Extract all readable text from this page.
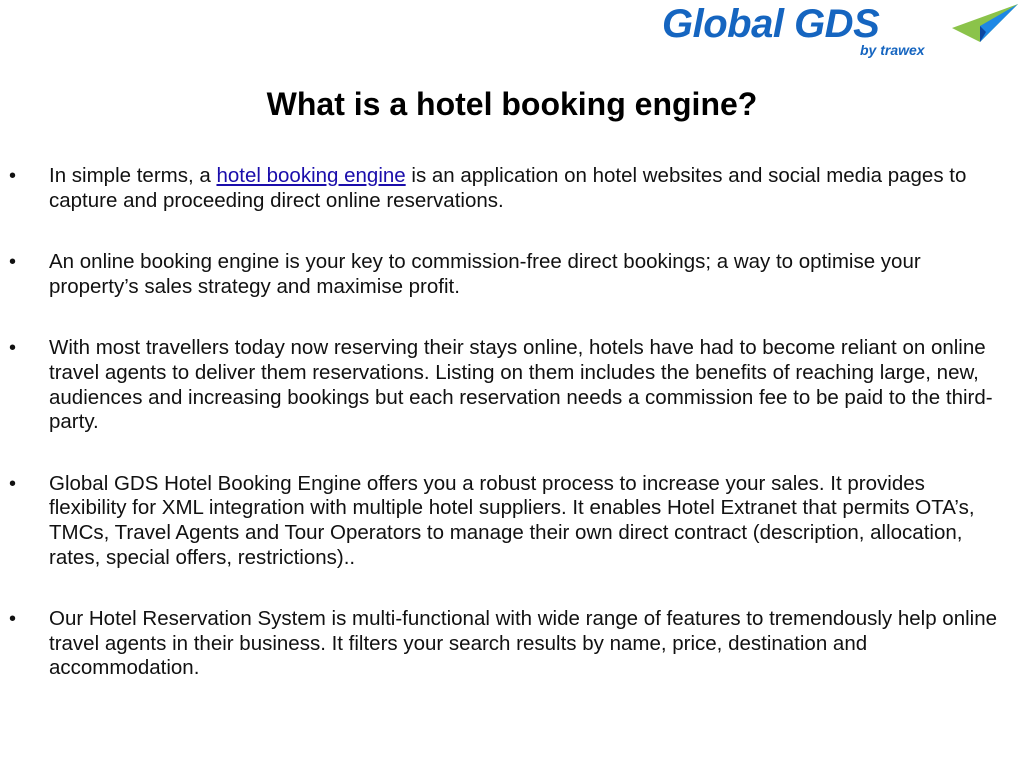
Global GDS
by trawex
What is a hotel booking engine?
• In simple terms, a hotel booking engine is an application on hotel websites and social media pages to capture and proceeding direct online reservations.
• An online booking engine is your key to commission-free direct bookings; a way to optimise your property’s sales strategy and maximise profit.
• With most travellers today now reserving their stays online, hotels have had to become reliant on online travel agents to deliver them reservations. Listing on them includes the benefits of reaching large, new, audiences and increasing bookings but each reservation needs a commission fee to be paid to the third-party.
• Global GDS Hotel Booking Engine offers you a robust process to increase your sales. It provides flexibility for XML integration with multiple hotel suppliers. It enables Hotel Extranet that permits OTA’s, TMCs, Travel Agents and Tour Operators to manage their own direct contract (description, allocation, rates, special offers, restrictions)..
• Our Hotel Reservation System is multi-functional with wide range of features to tremendously help online travel agents in their business. It filters your search results by name, price, destination and accommodation.
